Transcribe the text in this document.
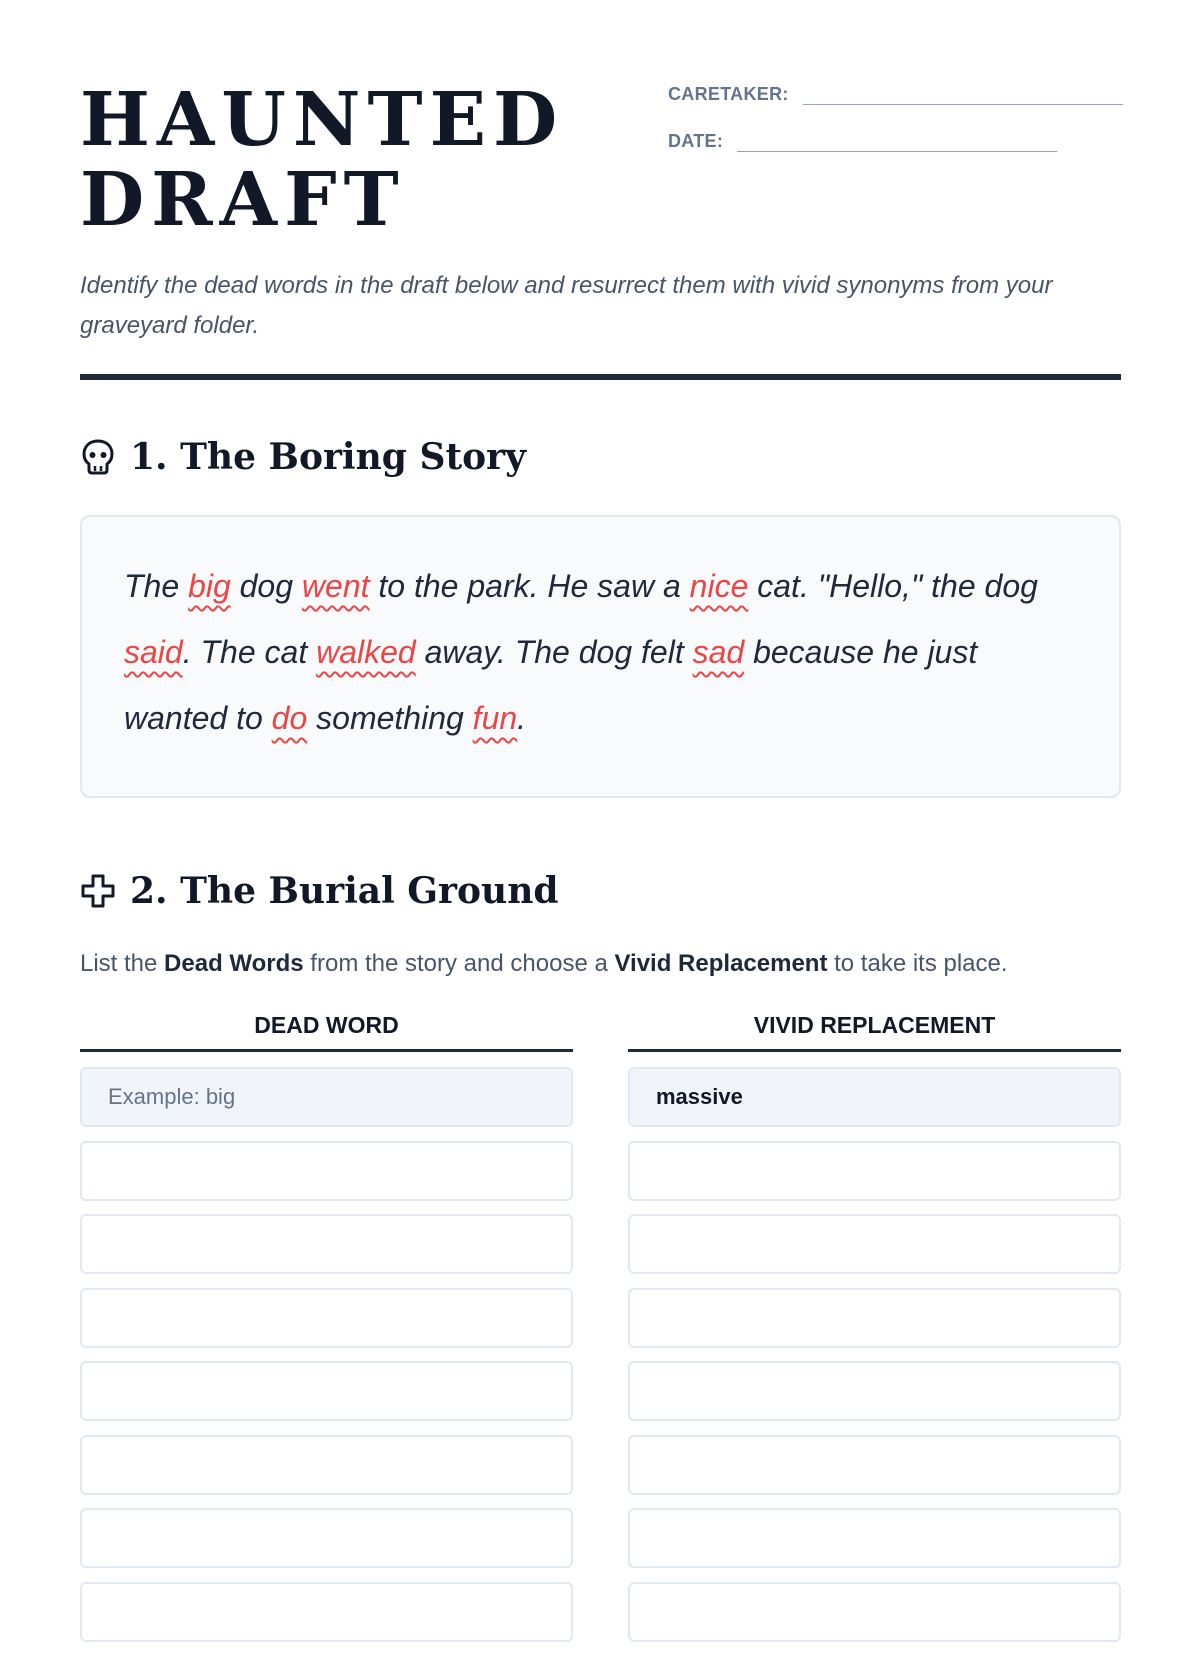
HAUNTED
DRAFT
CARETAKER:
DATE:

Identify the dead words in the draft below and resurrect them with vivid synonyms from your graveyard folder.

1. The Boring Story

The big dog went to the park. He saw a nice cat. "Hello," the dog said. The cat walked away. The dog felt sad because he just wanted to do something fun.

2. The Burial Ground

List the Dead Words from the story and choose a Vivid Replacement to take its place.

DEAD WORD
Example: big
VIVID REPLACEMENT
massive
